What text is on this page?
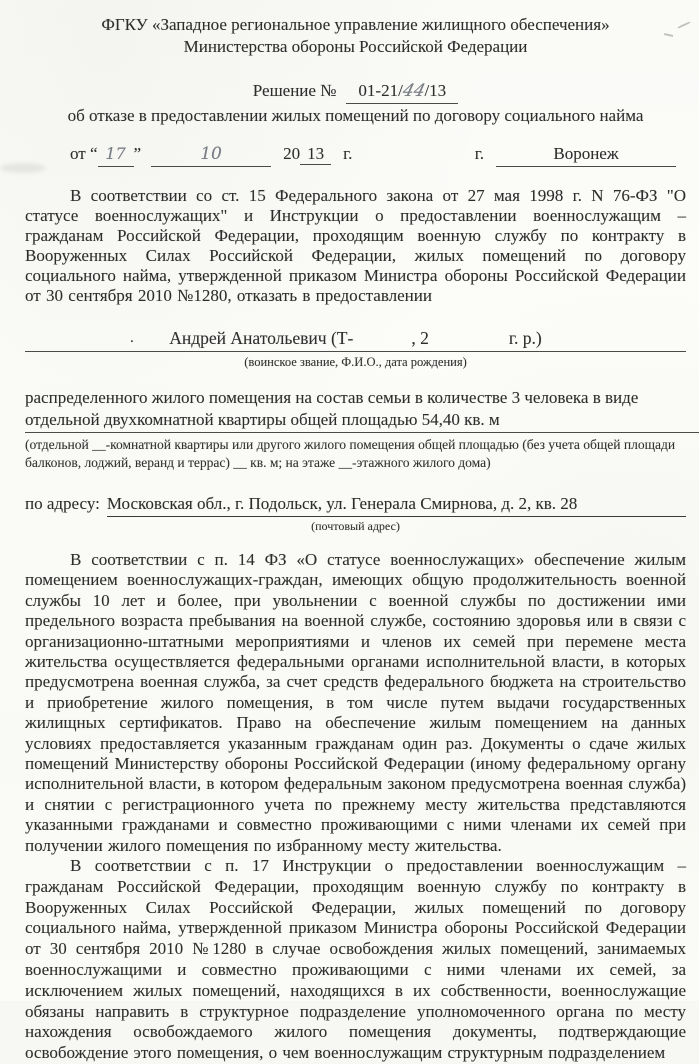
ФГКУ «Западное региональное управление жилищного обеспечения»
Министерства обороны Российской Федерации
Решение № 01-21/44/13
об отказе в предоставлении жилых помещений по договору социального найма
от “ 17 ”	10	20 13 г.	г.	Воронеж

В соответствии со ст. 15 Федерального закона от 27 мая 1998 г. N 76-ФЗ "О статусе военнослужащих" и Инструкции о предоставлении военнослужащим – гражданам Российской Федерации, проходящим военную службу по контракту в Вооруженных Силах Российской Федерации, жилых помещений по договору социального найма, утвержденной приказом Министра обороны Российской Федерации от 30 сентября 2010 №1280, отказать в предоставлении

. Андрей Анатольевич (Т-	, 2	г. р.)
(воинское звание, Ф.И.О., дата рождения)
распределенного жилого помещения на состав семьи в количестве 3 человека в виде
отдельной двухкомнатной квартиры общей площадью 54,40 кв. м
(отдельной __-комнатной квартиры или другого жилого помещения общей площадью (без учета общей площади балконов, лоджий, веранд и террас) __ кв. м; на этаже __-этажного жилого дома)
по адресу: Московская обл., г. Подольск, ул. Генерала Смирнова, д. 2, кв. 28
(почтовый адрес)

В соответствии с п. 14 ФЗ «О статусе военнослужащих» обеспечение жилым помещением военнослужащих-граждан, имеющих общую продолжительность военной службы 10 лет и более, при увольнении с военной службы по достижении ими предельного возраста пребывания на военной службе, состоянию здоровья или в связи с организационно-штатными мероприятиями и членов их семей при перемене места жительства осуществляется федеральными органами исполнительной власти, в которых предусмотрена военная служба, за счет средств федерального бюджета на строительство и приобретение жилого помещения, в том числе путем выдачи государственных жилищных сертификатов. Право на обеспечение жилым помещением на данных условиях предоставляется указанным гражданам один раз. Документы о сдаче жилых помещений Министерству обороны Российской Федерации (иному федеральному органу исполнительной власти, в котором федеральным законом предусмотрена военная служба) и снятии с регистрационного учета по прежнему месту жительства представляются указанными гражданами и совместно проживающими с ними членами их семей при получении жилого помещения по избранному месту жительства.

В соответствии с п. 17 Инструкции о предоставлении военнослужащим – гражданам Российской Федерации, проходящим военную службу по контракту в Вооруженных Силах Российской Федерации, жилых помещений по договору социального найма, утвержденной приказом Министра обороны Российской Федерации от 30 сентября 2010 №1280 в случае освобождения жилых помещений, занимаемых военнослужащими и совместно проживающими с ними членами их семей, за исключением жилых помещений, находящихся в их собственности, военнослужащие обязаны направить в структурное подразделение уполномоченного органа по месту нахождения освобождаемого жилого помещения документы, подтверждающие освобождение этого помещения, о чем военнослужащим структурным подразделением
